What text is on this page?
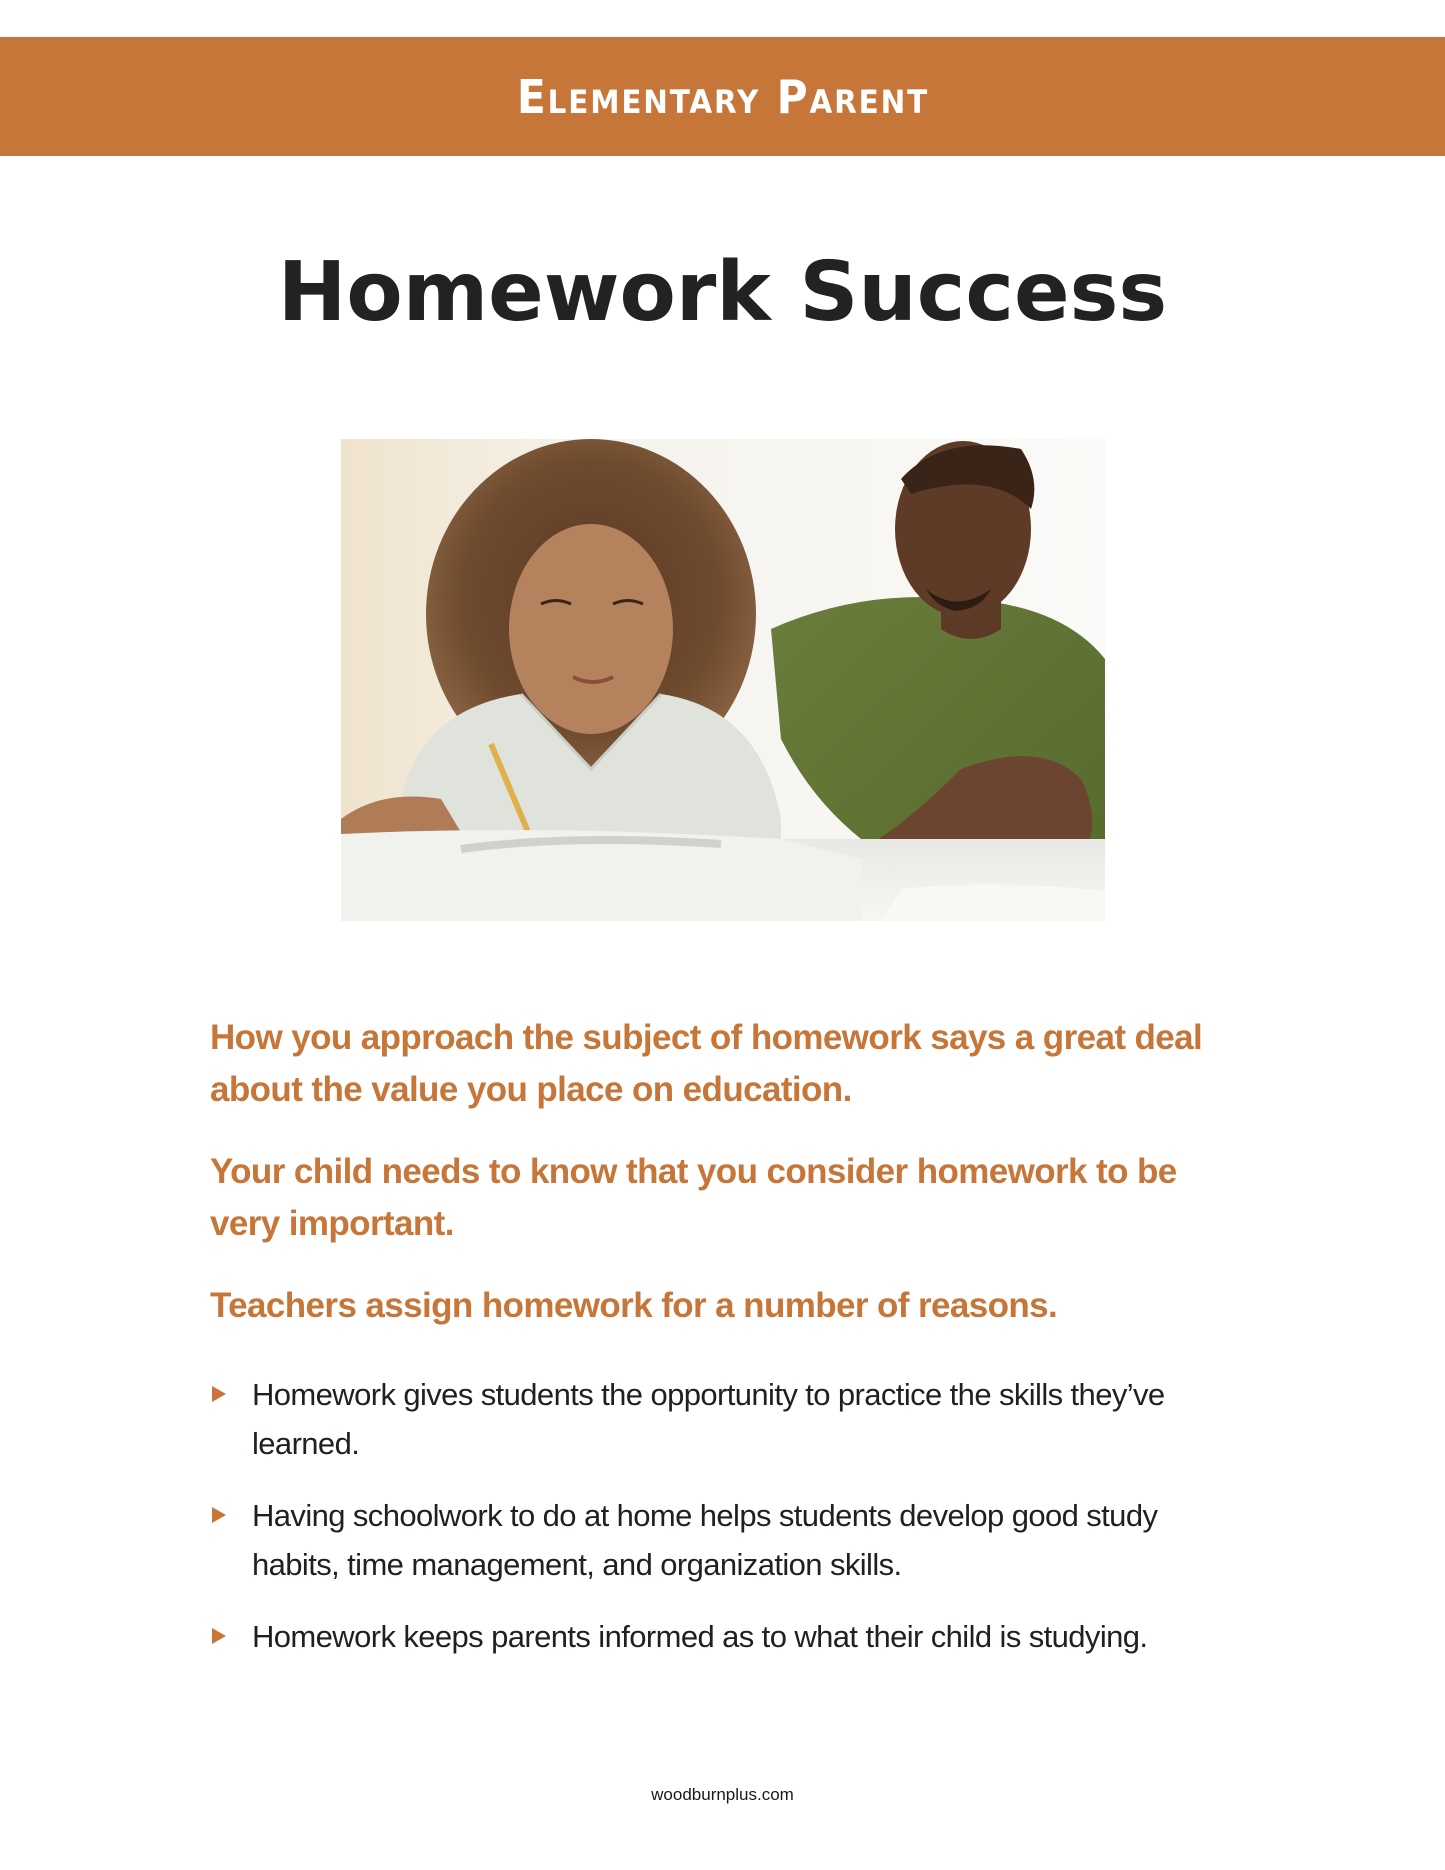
Elementary Parent
Homework Success

How you approach the subject of homework says a great deal about the value you place on education.

Your child needs to know that you consider homework to be very important.

Teachers assign homework for a number of reasons.

Homework gives students the opportunity to practice the skills they’ve learned.
Having schoolwork to do at home helps students develop good study habits, time management, and organization skills.
Homework keeps parents informed as to what their child is studying.
woodburnplus.com
